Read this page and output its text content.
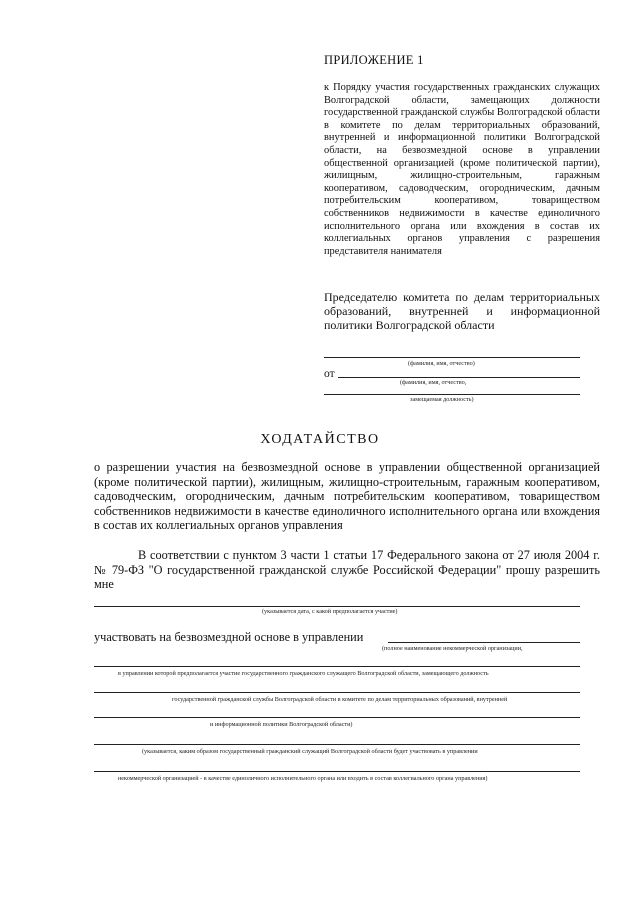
ПРИЛОЖЕНИЕ 1
к Порядку участия государственных гражданских служащих Волгоградской области, замещающих должности государственной гражданской службы Волгоградской области в комитете по делам территориальных образований, внутренней и информационной политики Волгоградской области, на безвозмездной основе в управлении общественной организацией (кроме политической партии), жилищным, жилищно-строительным, гаражным кооперативом, садоводческим, огородническим, дачным потребительским кооперативом, товариществом собственников недвижимости в качестве единоличного исполнительного органа или вхождения в состав их коллегиальных органов управления с разрешения представителя нанимателя
Председателю комитета по делам территориальных образований, внутренней и информационной политики Волгоградской области
(фамилия, имя, отчество)
от
(фамилия, имя, отчество,
замещаемая должность)
ХОДАТАЙСТВО
о разрешении участия на безвозмездной основе в управлении общественной организацией (кроме политической партии), жилищным, жилищно-строительным, гаражным кооперативом, садоводческим, огородническим, дачным потребительским кооперативом, товариществом собственников недвижимости в качестве единоличного исполнительного органа или вхождения в состав их коллегиальных органов управления
В соответствии с пунктом 3 части 1 статьи 17 Федерального закона от 27 июля 2004 г. № 79-ФЗ "О государственной гражданской службе Российской Федерации" прошу разрешить мне
(указывается дата, с какой предполагается участие)
участвовать на безвозмездной основе в управлении
(полное наименование некоммерческой организации,
в управлении которой предполагается участие государственного гражданского служащего Волгоградской области, замещающего должность
государственной гражданской службы Волгоградской области в комитете по делам территориальных образований, внутренней
и информационной политики Волгоградской области)
(указывается, каким образом государственный гражданский служащий Волгоградской области будет участвовать в управлении
некоммерческой организацией - в качестве единоличного исполнительного органа или входить в состав коллегиального органа управления)
